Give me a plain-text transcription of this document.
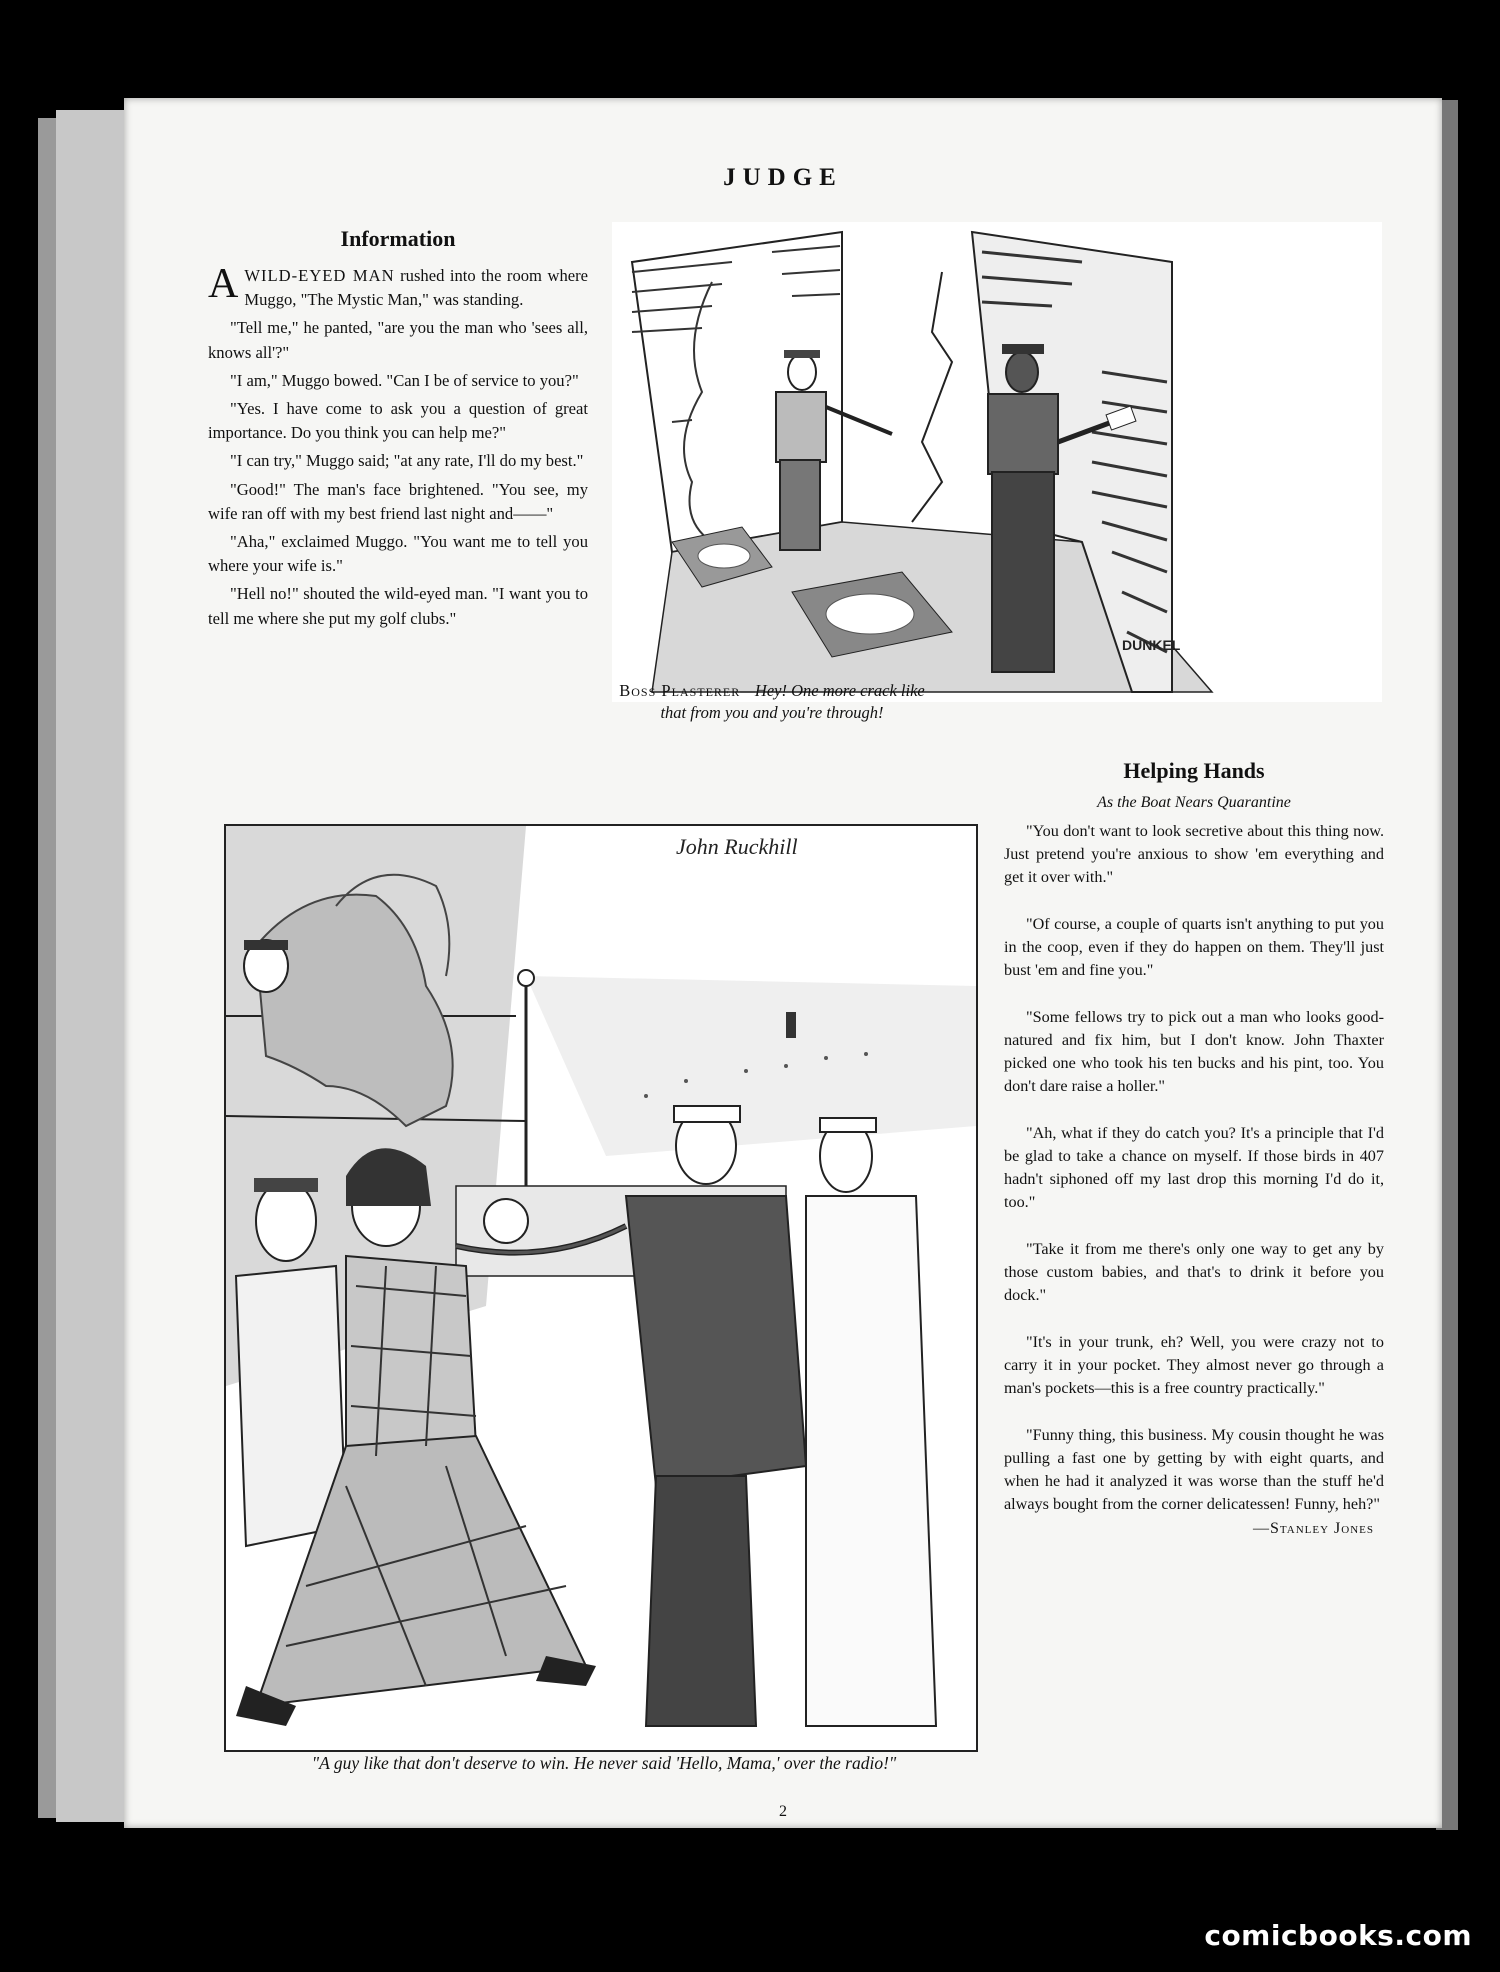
JUDGE
Information

AWILD-EYED MAN rushed into the room where Muggo, "The Mystic Man," was standing.

"Tell me," he panted, "are you the man who 'sees all, knows all'?"

"I am," Muggo bowed. "Can I be of service to you?"

"Yes. I have come to ask you a question of great importance. Do you think you can help me?"

"I can try," Muggo said; "at any rate, I'll do my best."

"Good!" The man's face brightened. "You see, my wife ran off with my best friend last night and——"

"Aha," exclaimed Muggo. "You want me to tell you where your wife is."

"Hell no!" shouted the wild-eyed man. "I want you to tell me where she put my golf clubs."

DUNKEL
Boss Plasterer—Hey! One more crack like that from you and you're through!
John Ruckhill
"A guy like that don't deserve to win. He never said 'Hello, Mama,' over the radio!"
Helping Hands
As the Boat Nears Quarantine

"You don't want to look secretive about this thing now. Just pretend you're anxious to show 'em everything and get it over with."

"Of course, a couple of quarts isn't anything to put you in the coop, even if they do happen on them. They'll just bust 'em and fine you."

"Some fellows try to pick out a man who looks good-natured and fix him, but I don't know. John Thaxter picked one who took his ten bucks and his pint, too. You don't dare raise a holler."

"Ah, what if they do catch you? It's a principle that I'd be glad to take a chance on myself. If those birds in 407 hadn't siphoned off my last drop this morning I'd do it, too."

"Take it from me there's only one way to get any by those custom babies, and that's to drink it before you dock."

"It's in your trunk, eh? Well, you were crazy not to carry it in your pocket. They almost never go through a man's pockets—this is a free country practically."

"Funny thing, this business. My cousin thought he was pulling a fast one by getting by with eight quarts, and when he had it analyzed it was worse than the stuff he'd always bought from the corner delicatessen! Funny, heh?"

—Stanley Jones
2
comicbooks.com
